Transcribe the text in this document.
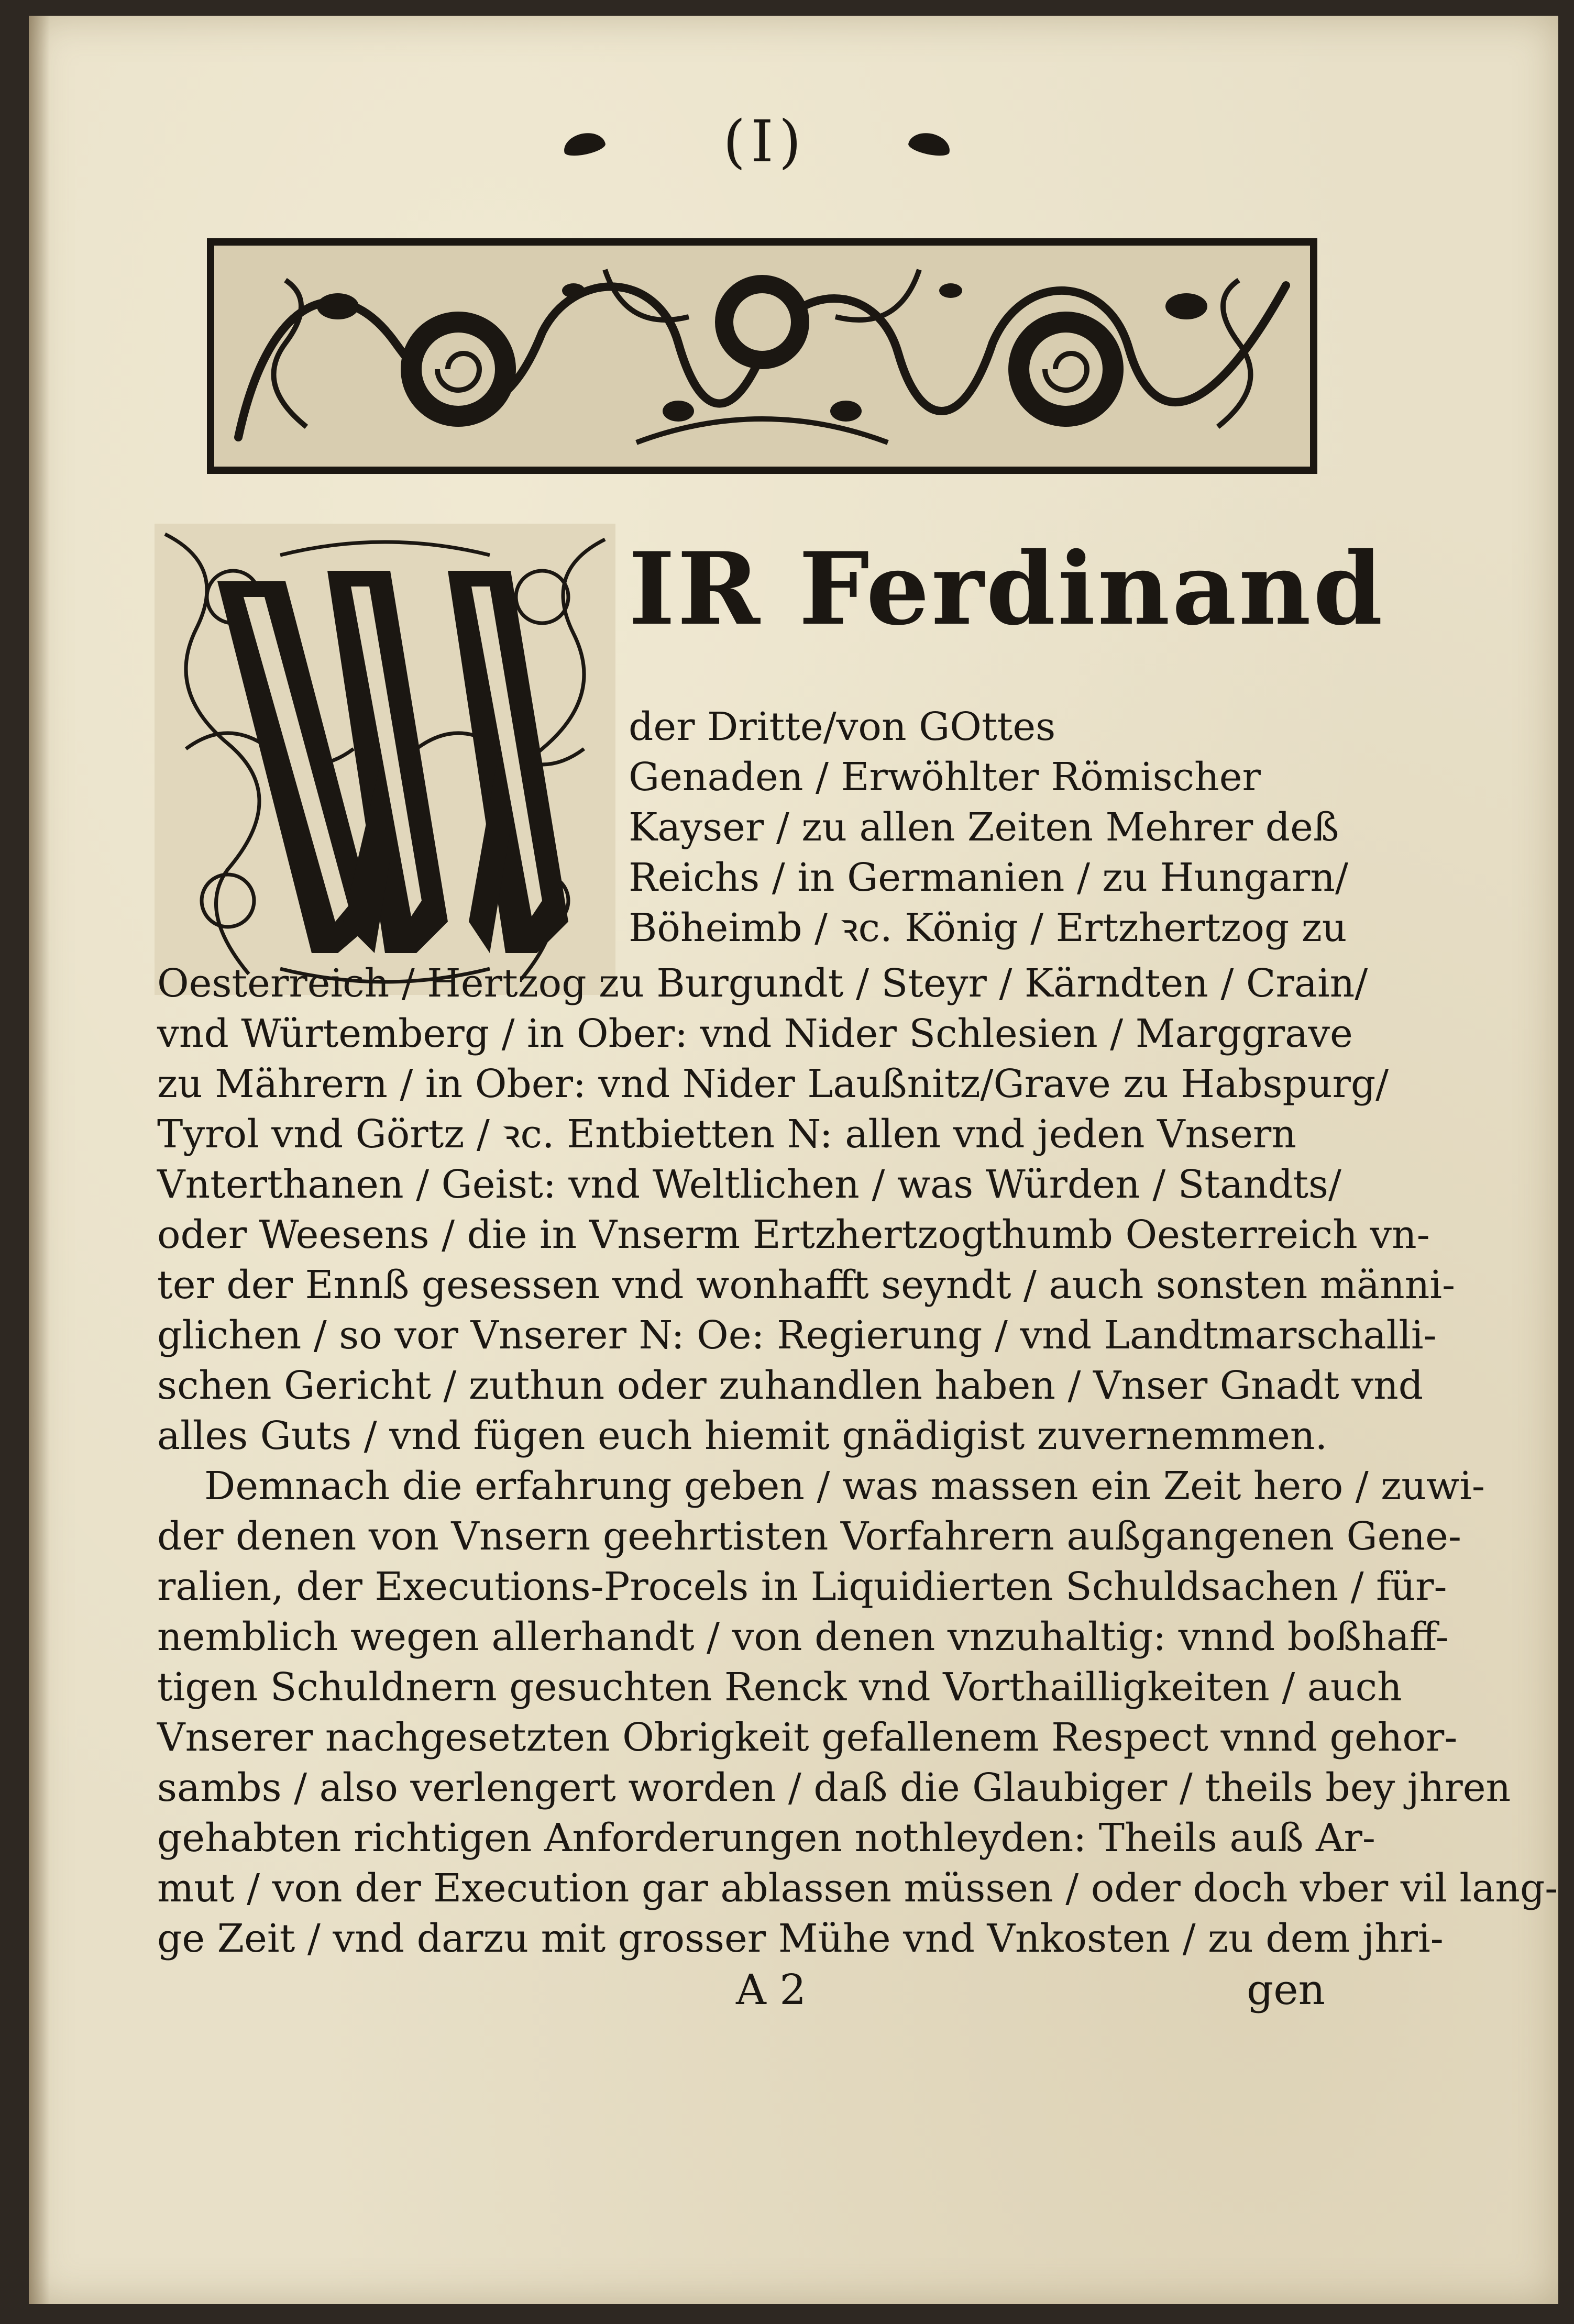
(I)
IR Ferdinand
der Dritte/von GOttes
Genaden / Erwöhlter Römischer
Kayser / zu allen Zeiten Mehrer deß
Reichs / in Germanien / zu Hungarn/
Böheimb / ꝛc. König / Ertzhertzog zu
Oesterreich / Hertzog zu Burgundt / Steyr / Kärndten / Crain/
vnd Würtemberg / in Ober: vnd Nider Schlesien / Marggrave
zu Mährern / in Ober: vnd Nider Laußnitz/Grave zu Habspurg/
Tyrol vnd Görtz / ꝛc. Entbietten N: allen vnd jeden Vnsern
Vnterthanen / Geist: vnd Weltlichen / was Würden / Standts/
oder Weesens / die in Vnserm Ertzhertzogthumb Oesterreich vn-
ter der Ennß gesessen vnd wonhafft seyndt / auch sonsten männi-
glichen / so vor Vnserer N: Oe: Regierung / vnd Landtmarschalli-
schen Gericht / zuthun oder zuhandlen haben / Vnser Gnadt vnd
alles Guts / vnd fügen euch hiemit gnädigist zuvernemmen.
Demnach die erfahrung geben / was massen ein Zeit hero / zuwi-
der denen von Vnsern geehrtisten Vorfahrern außgangenen Gene-
ralien, der Executions-Procels in Liquidierten Schuldsachen / für-
nemblich wegen allerhandt / von denen vnzuhaltig: vnnd boßhaff-
tigen Schuldnern gesuchten Renck vnd Vorthailligkeiten / auch
Vnserer nachgesetzten Obrigkeit gefallenem Respect vnnd gehor-
sambs / also verlengert worden / daß die Glaubiger / theils bey jhren
gehabten richtigen Anforderungen nothleyden: Theils auß Ar-
mut / von der Execution gar ablassen müssen / oder doch vber vil lang-
ge Zeit / vnd darzu mit grosser Mühe vnd Vnkosten / zu dem jhri-
A 2	gen
